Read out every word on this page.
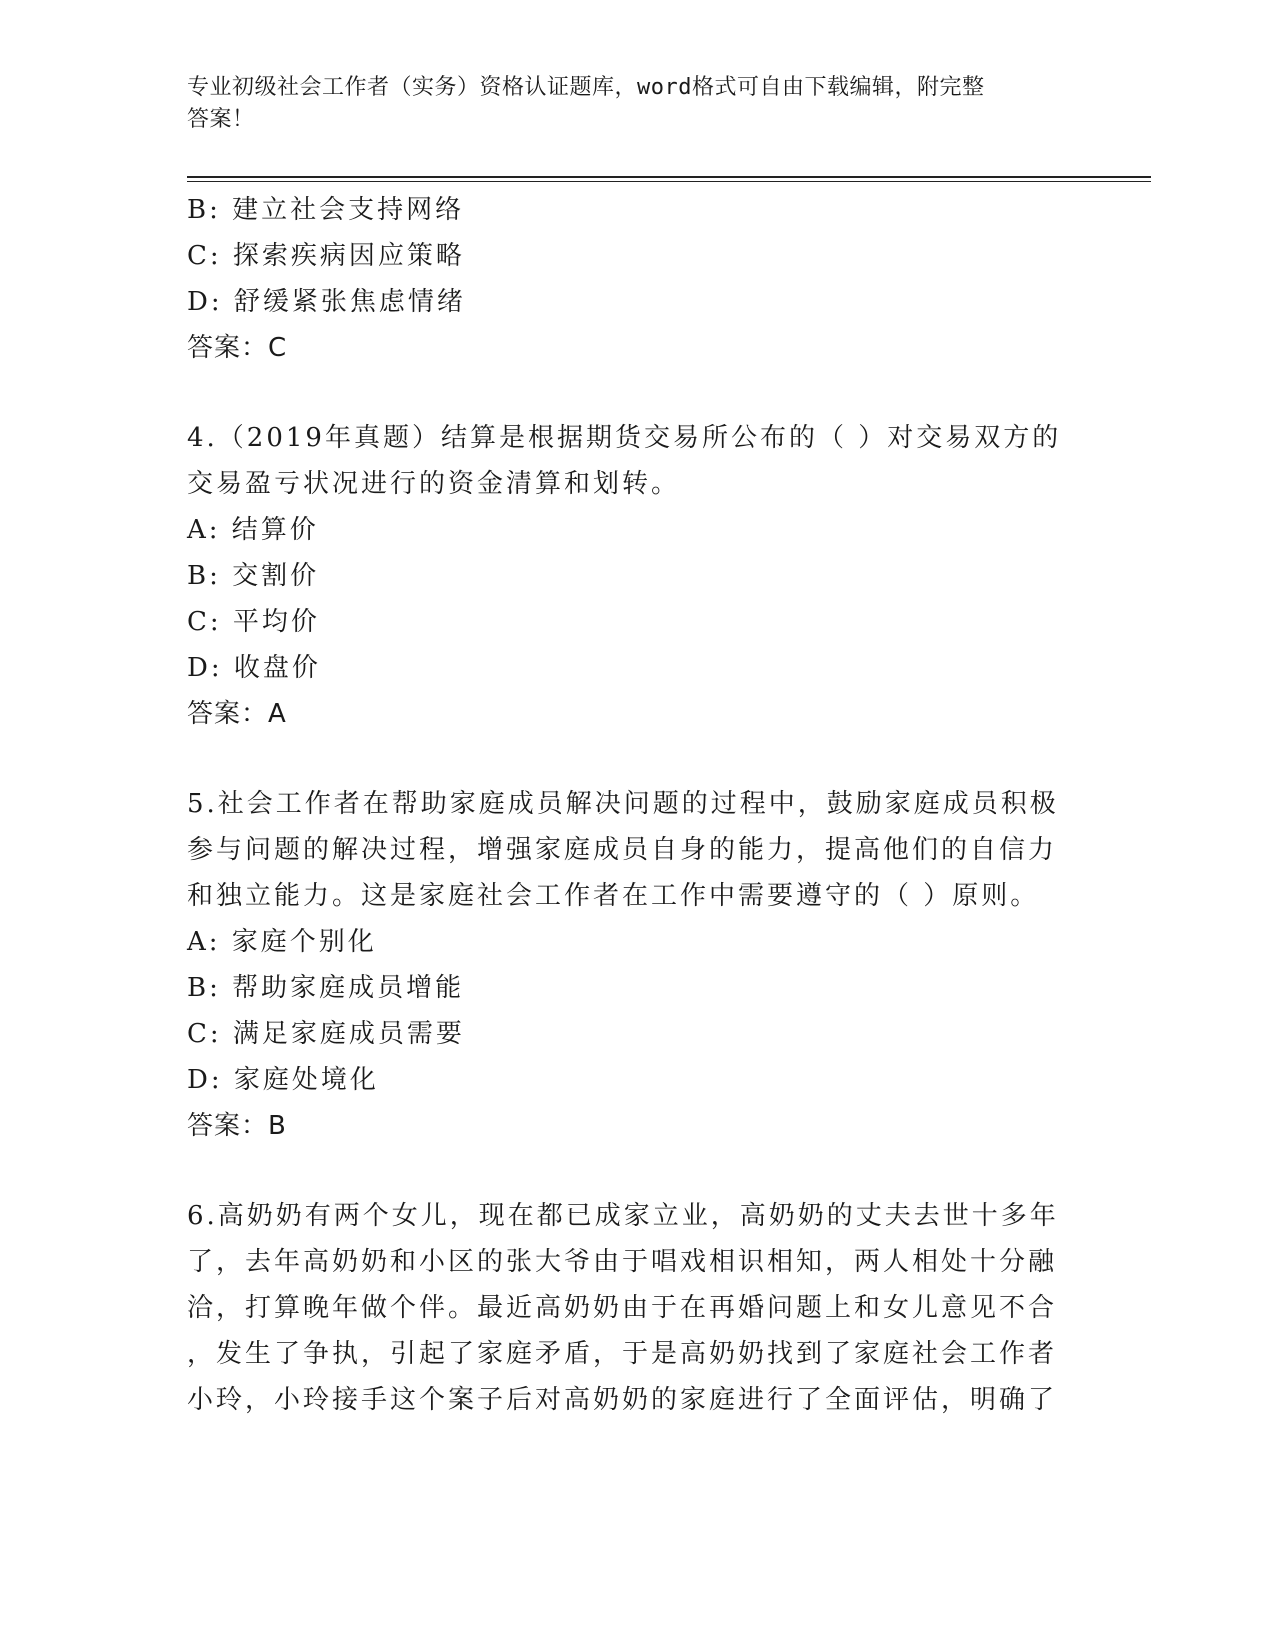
专业初级社会工作者（实务）资格认证题库，word格式可自由下载编辑，附完整
答案！
B: 建立社会支持网络
C: 探索疾病因应策略
D: 舒缓紧张焦虑情绪
答案：C
4.（2019年真题）结算是根据期货交易所公布的（ ）对交易双方的
交易盈亏状况进行的资金清算和划转。
A: 结算价
B: 交割价
C: 平均价
D: 收盘价
答案：A
5.社会工作者在帮助家庭成员解决问题的过程中，鼓励家庭成员积极
参与问题的解决过程，增强家庭成员自身的能力，提高他们的自信力
和独立能力。这是家庭社会工作者在工作中需要遵守的（ ）原则。
A: 家庭个别化
B: 帮助家庭成员增能
C: 满足家庭成员需要
D: 家庭处境化
答案：B
6.高奶奶有两个女儿，现在都已成家立业，高奶奶的丈夫去世十多年
了，去年高奶奶和小区的张大爷由于唱戏相识相知，两人相处十分融
洽，打算晚年做个伴。最近高奶奶由于在再婚问题上和女儿意见不合
，发生了争执，引起了家庭矛盾，于是高奶奶找到了家庭社会工作者
小玲，小玲接手这个案子后对高奶奶的家庭进行了全面评估，明确了
